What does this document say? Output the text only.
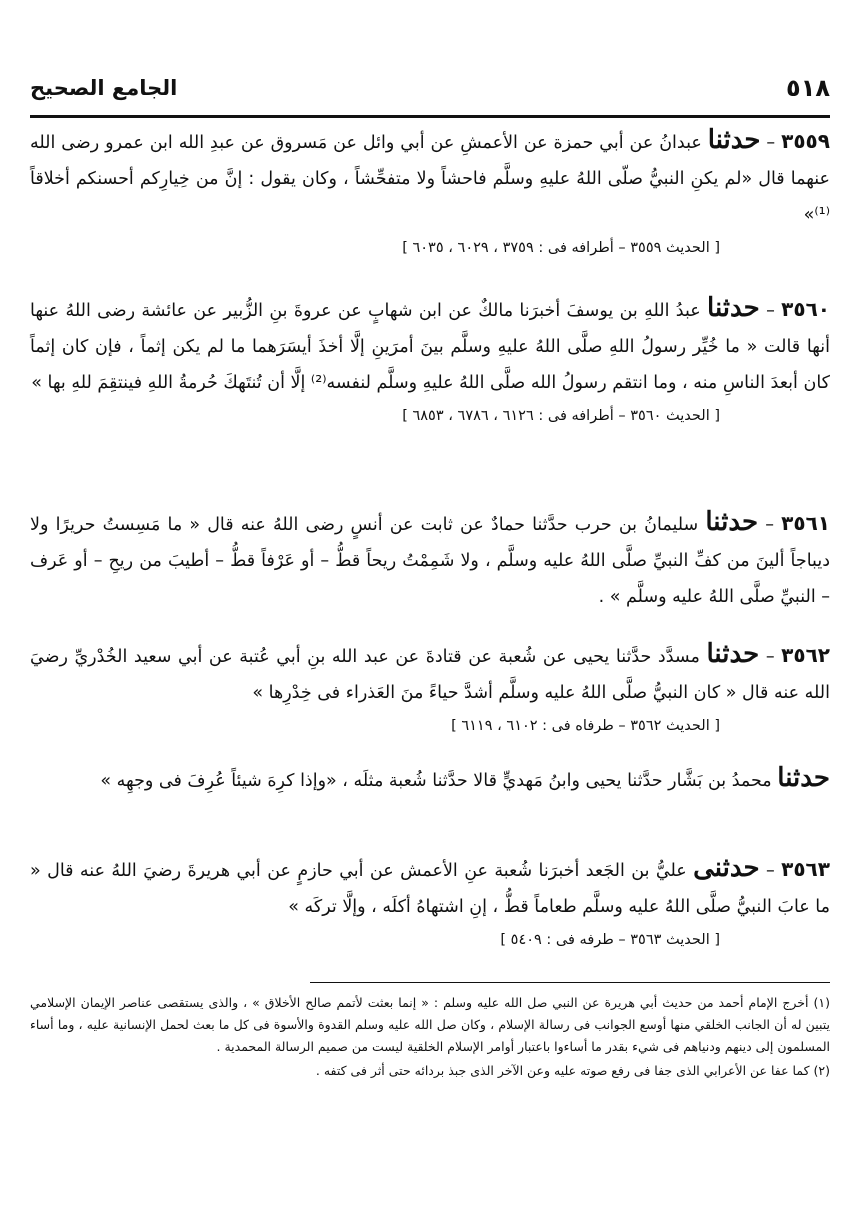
٥١٨
الجامع الصحيح
٣٥٥٩ – حدثنا عبدانُ عن أبي حمزة عن الأعمشِ عن أبي وائل عن مَسروق عن عبدِ الله ابن عمرو رضى الله عنهما قال «لم يكنِ النبيُّ صلّى اللهُ عليهِ وسلَّم فاحشاً ولا متفحِّشاً ، وكان يقول : إنَّ من خِيارِكم أحسنكم أخلاقاً ⁽¹⁾»
[ الحديث ٣٥٥٩ – أطرافه فى : ٣٧٥٩ ، ٦٠٢٩ ، ٦٠٣٥ ]
٣٥٦٠ – حدثنا عبدُ اللهِ بن يوسفَ أخبرَنا مالكٌ عن ابن شهابٍ عن عروةَ بنِ الزُّبير عن عائشة رضى اللهُ عنها أنها قالت « ما خُيِّر رسولُ اللهِ صلَّى اللهُ عليهِ وسلَّم بينَ أمرَينِ إلَّا أخذَ أيسَرَهما ما لم يكن إثماً ، فإن كان إثماً كان أبعدَ الناسِ منه ، وما انتقم رسولُ الله صلَّى اللهُ عليهِ وسلَّم لنفسه⁽²⁾ إلَّا أن تُنتَهكَ حُرمةُ اللهِ فينتقِمَ للهِ بها »
[ الحديث ٣٥٦٠ – أطرافه فى : ٦١٢٦ ، ٦٧٨٦ ، ٦٨٥٣ ]
٣٥٦١ – حدثنا سليمانُ بن حرب حدَّثنا حمادٌ عن ثابت عن أنسٍ رضى اللهُ عنه قال « ما مَسِستُ حريرًا ولا ديباجاً ألينَ من كفِّ النبيِّ صلَّى اللهُ عليه وسلَّم ، ولا شَمِمْتُ ريحاً قطُّ – أو عَرْفاً قطُّ – أطيبَ من ريحِ – أو عَرف – النبيِّ صلَّى اللهُ عليه وسلَّم » .
٣٥٦٢ – حدثنا مسدَّد حدَّثنا يحيى عن شُعبة عن قتادةَ عن عبد الله بنِ أبي عُتبة عن أبي سعيد الخُدْريِّ رضيَ الله عنه قال « كان النبيُّ صلَّى اللهُ عليه وسلَّم أشدَّ حياءً منَ العَذراء فى خِدْرِها »
[ الحديث ٣٥٦٢ – طرفاه فى : ٦١٠٢ ، ٦١١٩ ]
حدثنا محمدُ بن بَشَّار حدَّثنا يحيى وابنُ مَهديٍّ قالا حدَّثنا شُعبة مثلَه ، «وإذا كرِهَ شيئاً عُرِفَ فى وجهِه »
٣٥٦٣ – حدثنى عليُّ بن الجَعد أخبرَنا شُعبة عنِ الأعمش عن أبي حازمٍ عن أبي هريرةَ رضيَ اللهُ عنه قال « ما عابَ النبيُّ صلَّى اللهُ عليه وسلَّم طعاماً قطُّ ، إنِ اشتهاهُ أكلَه ، وإلَّا تركَه »
[ الحديث ٣٥٦٣ – طرفه فى : ٥٤٠٩ ]

(١) أخرج الإمام أحمد من حديث أبي هريرة عن النبي صل الله عليه وسلم : « إنما بعثت لأتمم صالح الأخلاق » ، والذى يستقصى عناصر الإيمان الإسلامي يتبين له أن الجانب الخلقي منها أوسع الجوانب فى رسالة الإسلام ، وكان صل الله عليه وسلم القدوة والأسوة فى كل ما بعث لحمل الإنسانية عليه ، وما أساء المسلمون إلى دينهم ودنياهم فى شيء بقدر ما أساءوا باعتبار أوامر الإسلام الخلقية ليست من صميم الرسالة المحمدية .

(٢) كما عفا عن الأعرابي الذى جفا فى رفع صوته عليه وعن الآخر الذى جبذ بردائه حتى أثر فى كتفه .
